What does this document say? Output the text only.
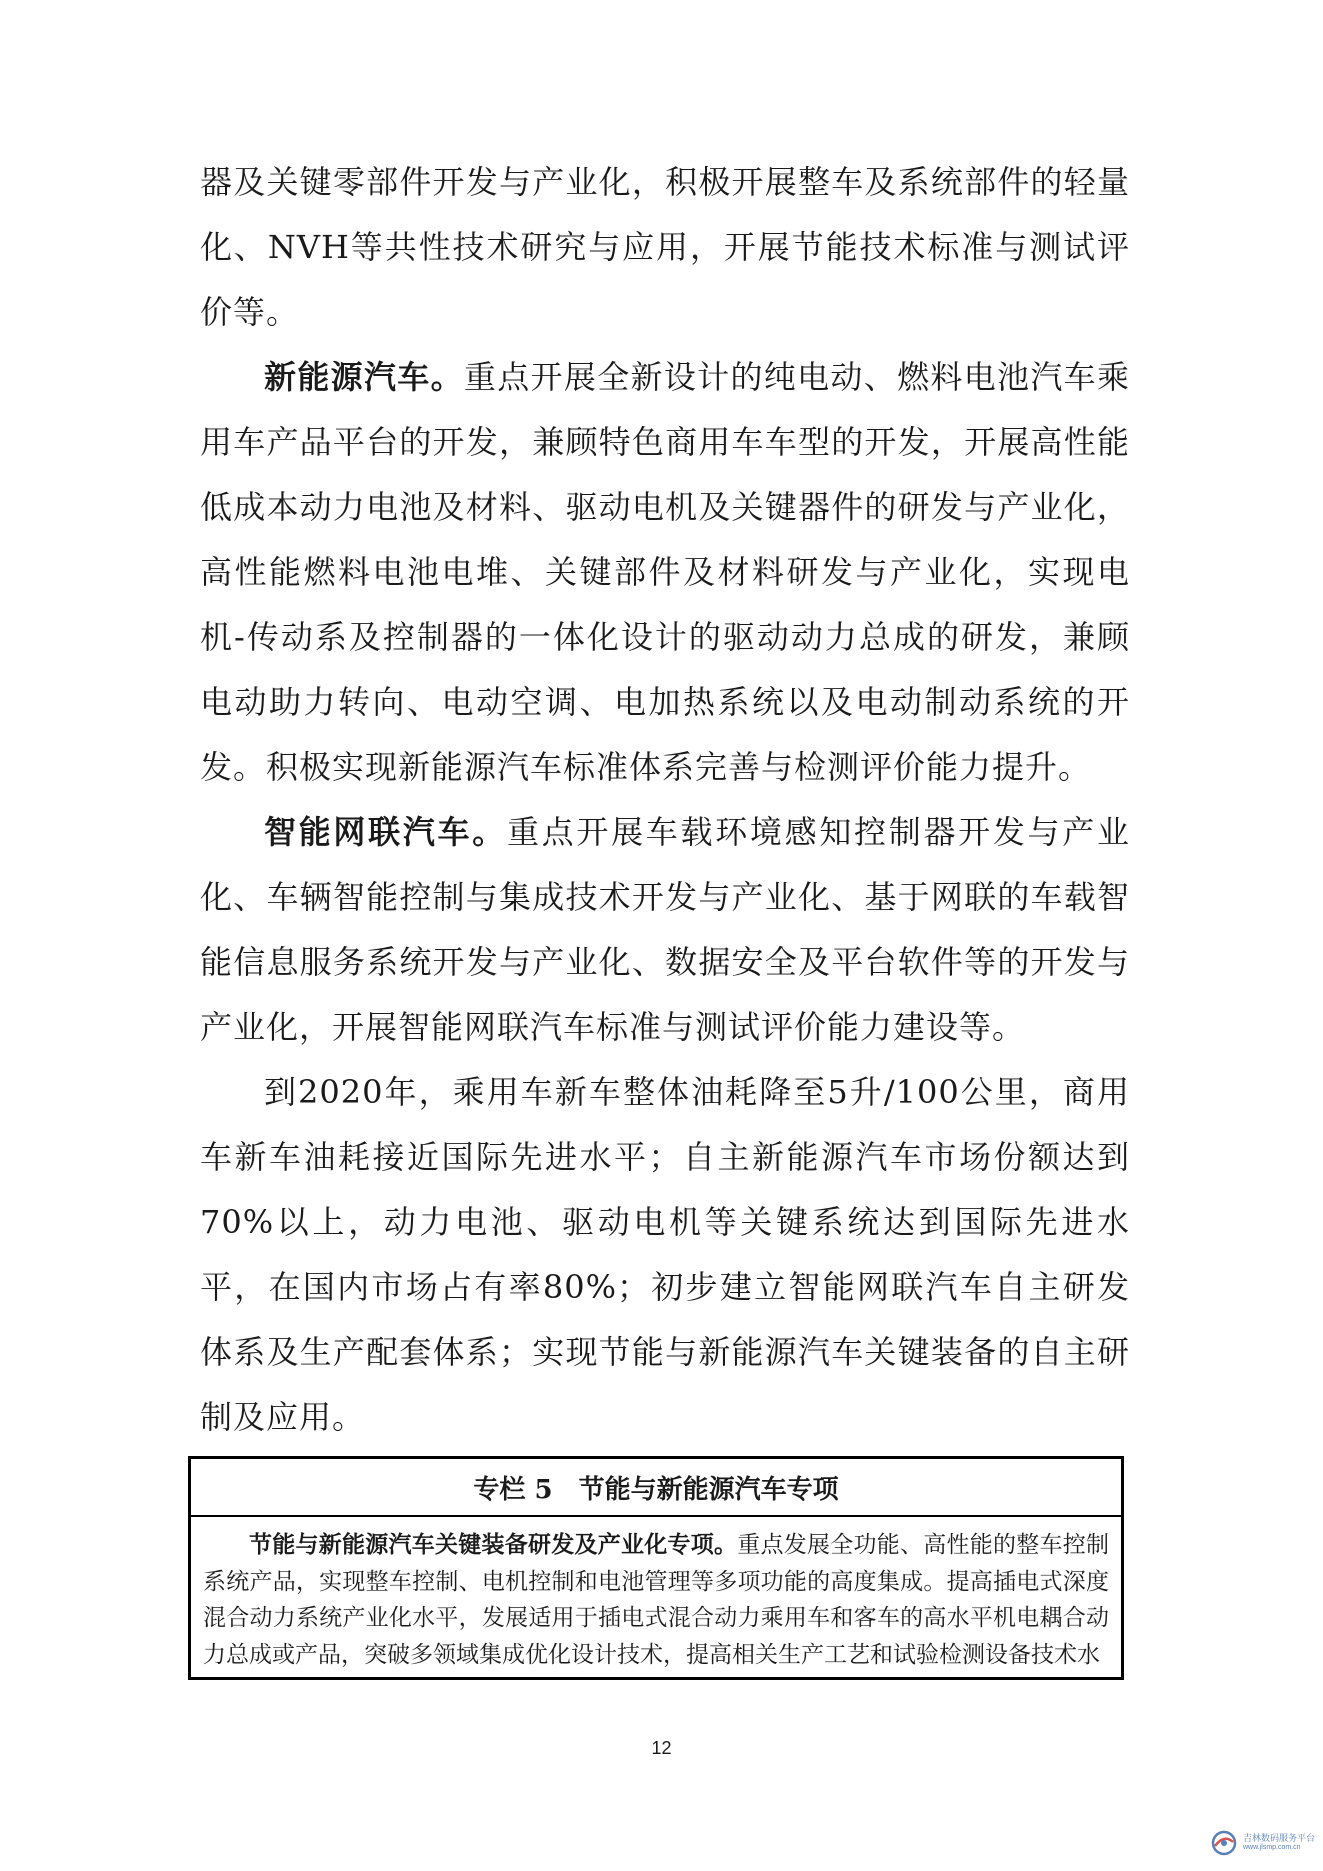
器及关键零部件开发与产业化，积极开展整车及系统部件的轻量化、NVH等共性技术研究与应用，开展节能技术标准与测试评价等。

新能源汽车。重点开展全新设计的纯电动、燃料电池汽车乘用车产品平台的开发，兼顾特色商用车车型的开发，开展高性能低成本动力电池及材料、驱动电机及关键器件的研发与产业化，高性能燃料电池电堆、关键部件及材料研发与产业化，实现电机-传动系及控制器的一体化设计的驱动动力总成的研发，兼顾电动助力转向、电动空调、电加热系统以及电动制动系统的开发。积极实现新能源汽车标准体系完善与检测评价能力提升。

智能网联汽车。重点开展车载环境感知控制器开发与产业化、车辆智能控制与集成技术开发与产业化、基于网联的车载智能信息服务系统开发与产业化、数据安全及平台软件等的开发与产业化，开展智能网联汽车标准与测试评价能力建设等。

到2020年，乘用车新车整体油耗降至5升/100公里，商用车新车油耗接近国际先进水平；自主新能源汽车市场份额达到70%以上，动力电池、驱动电机等关键系统达到国际先进水平，在国内市场占有率80%；初步建立智能网联汽车自主研发体系及生产配套体系；实现节能与新能源汽车关键装备的自主研制及应用。

专栏 5 节能与新能源汽车专项
节能与新能源汽车关键装备研发及产业化专项。重点发展全功能、高性能的整车控制系统产品，实现整车控制、电机控制和电池管理等多项功能的高度集成。提高插电式深度混合动力系统产业化水平，发展适用于插电式混合动力乘用车和客车的高水平机电耦合动力总成或产品，突破多领域集成优化设计技术，提高相关生产工艺和试验检测设备技术水
12
吉林数码服务平台
www.jlsmp.com.cn
